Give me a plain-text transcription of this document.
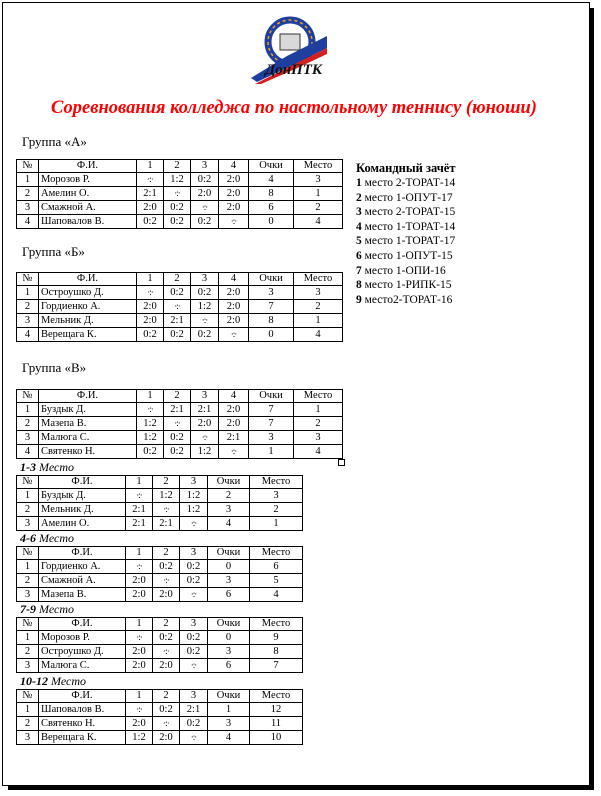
ДонПТК
Соревнования колледжа по настольному теннису (юноши)
Группа «А»
№	Ф.И.	1	2	3	4	Очки	Место
1	Морозов Р.	·:·	1:2	0:2	2:0	4	3
2	Амелин О.	2:1	·:·	2:0	2:0	8	1
3	Смажной А.	2:0	0:2	·:·	2:0	6	2
4	Шаповалов В.	0:2	0:2	0:2	·:·	0	4
Группа «Б»
№	Ф.И.	1	2	3	4	Очки	Место
1	Остроушко Д.	·:·	0:2	0:2	2:0	3	3
2	Гордиенко А.	2:0	·:·	1:2	2:0	7	2
3	Мельник Д.	2:0	2:1	·:·	2:0	8	1
4	Верещага К.	0:2	0:2	0:2	·:·	0	4
Группа «В»
№	Ф.И.	1	2	3	4	Очки	Место
1	Буздык Д.	·:·	2:1	2:1	2:0	7	1
2	Мазепа В.	1:2	·:·	2:0	2:0	7	2
3	Малюга С.	1:2	0:2	·:·	2:1	3	3
4	Святенко Н.	0:2	0:2	1:2	·:·	1	4
1-3 Место
№	Ф.И.	1	2	3	Очки	Место
1	Буздык Д.	·:·	1:2	1:2	2	3
2	Мельник Д.	2:1	·:·	1:2	3	2
3	Амелин О.	2:1	2:1	·:·	4	1
4-6 Место
№	Ф.И.	1	2	3	Очки	Место
1	Гордиенко А.	·:·	0:2	0:2	0	6
2	Смажной А.	2:0	·:·	0:2	3	5
3	Мазепа В.	2:0	2:0	·:·	6	4
7-9 Место
№	Ф.И.	1	2	3	Очки	Место
1	Морозов Р.	·:·	0:2	0:2	0	9
2	Остроушко Д.	2:0	·:·	0:2	3	8
3	Малюга С.	2:0	2:0	·:·	6	7
10-12 Место
№	Ф.И.	1	2	3	Очки	Место
1	Шаповалов В.	·:·	0:2	2:1	1	12
2	Святенко Н.	2:0	·:·	0:2	3	11
3	Верещага К.	1:2	2:0	·:·	4	10
Командный зачёт
1 место 2-ТОРАТ-14
2 место 1-ОПУТ-17
3 место 2-ТОРАТ-15
4 место 1-ТОРАТ-14
5 место 1-ТОРАТ-17
6 место 1-ОПУТ-15
7 место 1-ОПИ-16
8 место 1-РИПК-15
9 место2-ТОРАТ-16
